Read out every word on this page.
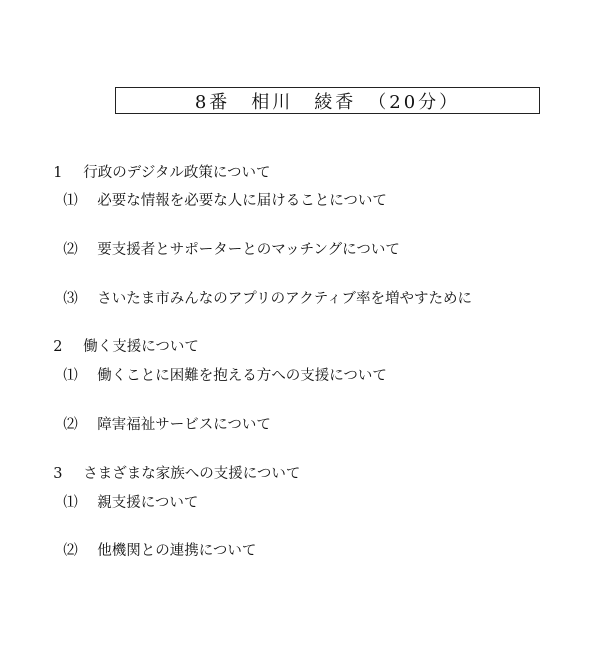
8番　相川　綾香　（20分）

1 行政のデジタル政策について

⑴ 必要な情報を必要な人に届けることについて

⑵ 要支援者とサポーターとのマッチングについて

⑶ さいたま市みんなのアプリのアクティブ率を増やすために

2 働く支援について

⑴ 働くことに困難を抱える方への支援について

⑵ 障害福祉サービスについて

3 さまざまな家族への支援について

⑴ 親支援について

⑵ 他機関との連携について
